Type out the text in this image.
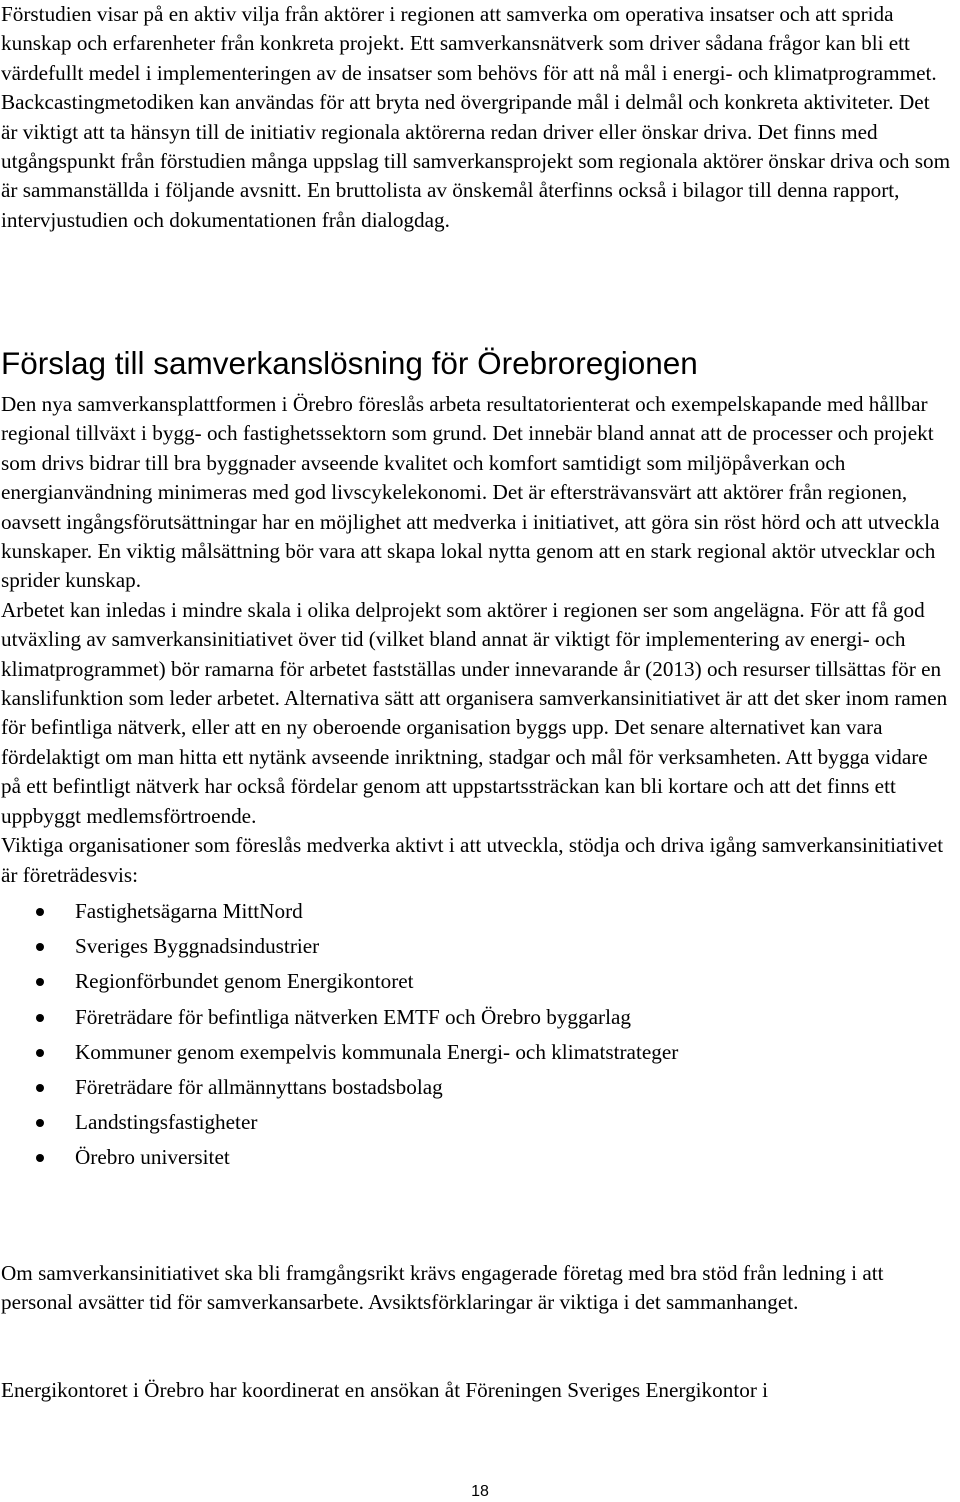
Förstudien visar på en aktiv vilja från aktörer i regionen att samverka om operativa insatser och att sprida kunskap och erfarenheter från konkreta projekt. Ett samverkansnätverk som driver sådana frågor kan bli ett värdefullt medel i implementeringen av de insatser som behövs för att nå mål i energi- och klimatprogrammet. Backcastingmetodiken kan användas för att bryta ned övergripande mål i delmål och konkreta aktiviteter. Det är viktigt att ta hänsyn till de initiativ regionala aktörerna redan driver eller önskar driva. Det finns med utgångspunkt från förstudien många uppslag till samverkansprojekt som regionala aktörer önskar driva och som är sammanställda i följande avsnitt. En bruttolista av önskemål återfinns också i bilagor till denna rapport, intervjustudien och dokumentationen från dialogdag.

Förslag till samverkanslösning för Örebroregionen

Den nya samverkansplattformen i Örebro föreslås arbeta resultatorienterat och exempelskapande med hållbar regional tillväxt i bygg- och fastighetssektorn som grund. Det innebär bland annat att de processer och projekt som drivs bidrar till bra byggnader avseende kvalitet och komfort samtidigt som miljöpåverkan och energianvändning minimeras med god livscykelekonomi. Det är eftersträvansvärt att aktörer från regionen, oavsett ingångsförutsättningar har en möjlighet att medverka i initiativet, att göra sin röst hörd och att utveckla kunskaper. En viktig målsättning bör vara att skapa lokal nytta genom att en stark regional aktör utvecklar och sprider kunskap.

Arbetet kan inledas i mindre skala i olika delprojekt som aktörer i regionen ser som angelägna. För att få god utväxling av samverkansinitiativet över tid (vilket bland annat är viktigt för implementering av energi- och klimatprogrammet) bör ramarna för arbetet fastställas under innevarande år (2013) och resurser tillsättas för en kanslifunktion som leder arbetet. Alternativa sätt att organisera samverkansinitiativet är att det sker inom ramen för befintliga nätverk, eller att en ny oberoende organisation byggs upp. Det senare alternativet kan vara fördelaktigt om man hitta ett nytänk avseende inriktning, stadgar och mål för verksamheten. Att bygga vidare på ett befintligt nätverk har också fördelar genom att uppstartssträckan kan bli kortare och att det finns ett uppbyggt medlemsförtroende.

Viktiga organisationer som föreslås medverka aktivt i att utveckla, stödja och driva igång samverkansinitiativet är företrädesvis:

Fastighetsägarna MittNord
Sveriges Byggnadsindustrier
Regionförbundet genom Energikontoret
Företrädare för befintliga nätverken EMTF och Örebro byggarlag
Kommuner genom exempelvis kommunala Energi- och klimatstrateger
Företrädare för allmännyttans bostadsbolag
Landstingsfastigheter
Örebro universitet

Om samverkansinitiativet ska bli framgångsrikt krävs engagerade företag med bra stöd från ledning i att personal avsätter tid för samverkansarbete. Avsiktsförklaringar är viktiga i det sammanhanget.

Energikontoret i Örebro har koordinerat en ansökan åt Föreningen Sveriges Energikontor i

18
